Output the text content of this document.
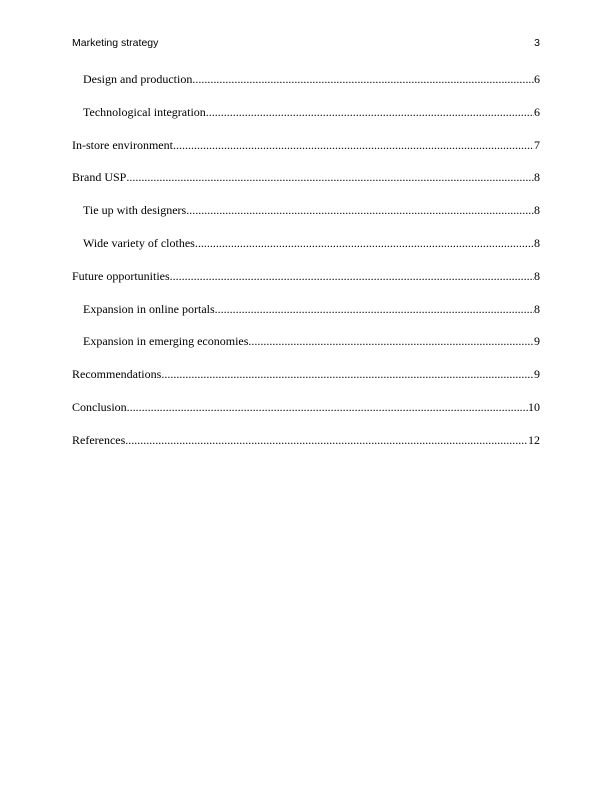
Marketing strategy	3
Design and production .....	6
Technological integration .....	6
In-store environment .....	7
Brand USP .....	8
Tie up with designers .....	8
Wide variety of clothes .....	8
Future opportunities .....	8
Expansion in online portals .....	8
Expansion in emerging economies .....	9
Recommendations .....	9
Conclusion .....	10
References .....	12
